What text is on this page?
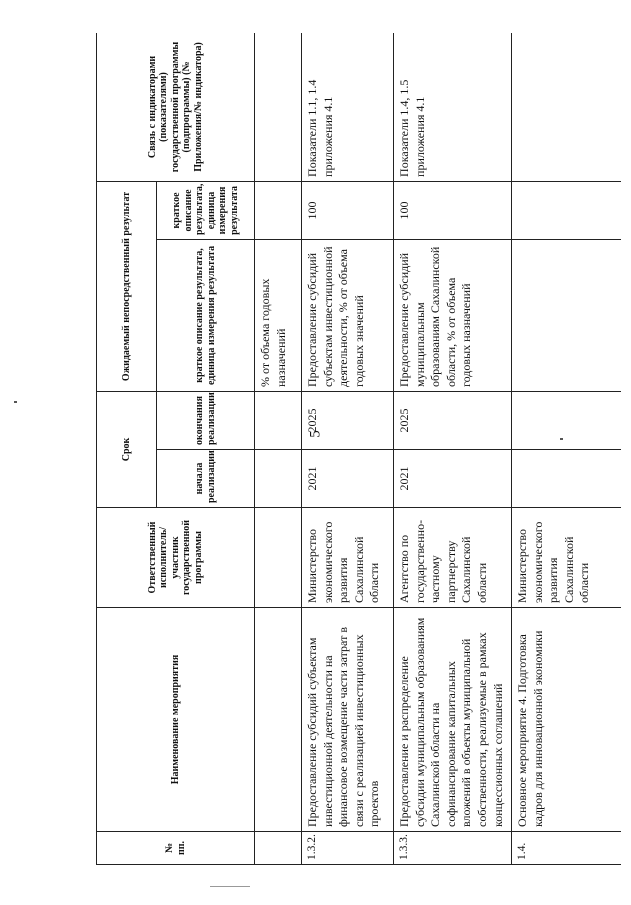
5
№ пп.	Наименование мероприятия	Ответственный исполнитель/участник государственной программы	Срок		Ожидаемый непосредственный результат		Связь с индикаторами (показателями) государственной программы (подпрограммы) (№ Приложения/№ индикатора)
			начала реализации	окончания реализации	краткое описание результата, единица измерения результата	краткое описание результата, единица измерения результата	
					% от объема годовых назначений		
1.3.2.	Предоставление субсидий субъектам инвестиционной деятельности на финансовое возмещение части затрат в связи с реализацией инвестиционных проектов	Министерство экономического развития Сахалинской области	2021	2025	Предоставление субсидий субъектам инвестиционной деятельности, % от объема годовых значений	100	Показатели 1.1, 1.4 приложения 4.1
1.3.3.	Предоставление и распределение субсидии муниципальным образованиям Сахалинской области на софинансирование капитальных вложений в объекты муниципальной собственности, реализуемые в рамках концессионных соглашений	Агентство по государственно-частному партнерству Сахалинской области	2021	2025	Предоставление субсидий муниципальным образованиям Сахалинской области, % от объема годовых назначений	100	Показатели 1.4, 1.5 приложения 4.1
1.4.	Основное мероприятие 4. Подготовка кадров для инновационной экономики	Министерство экономического развития Сахалинской области					
